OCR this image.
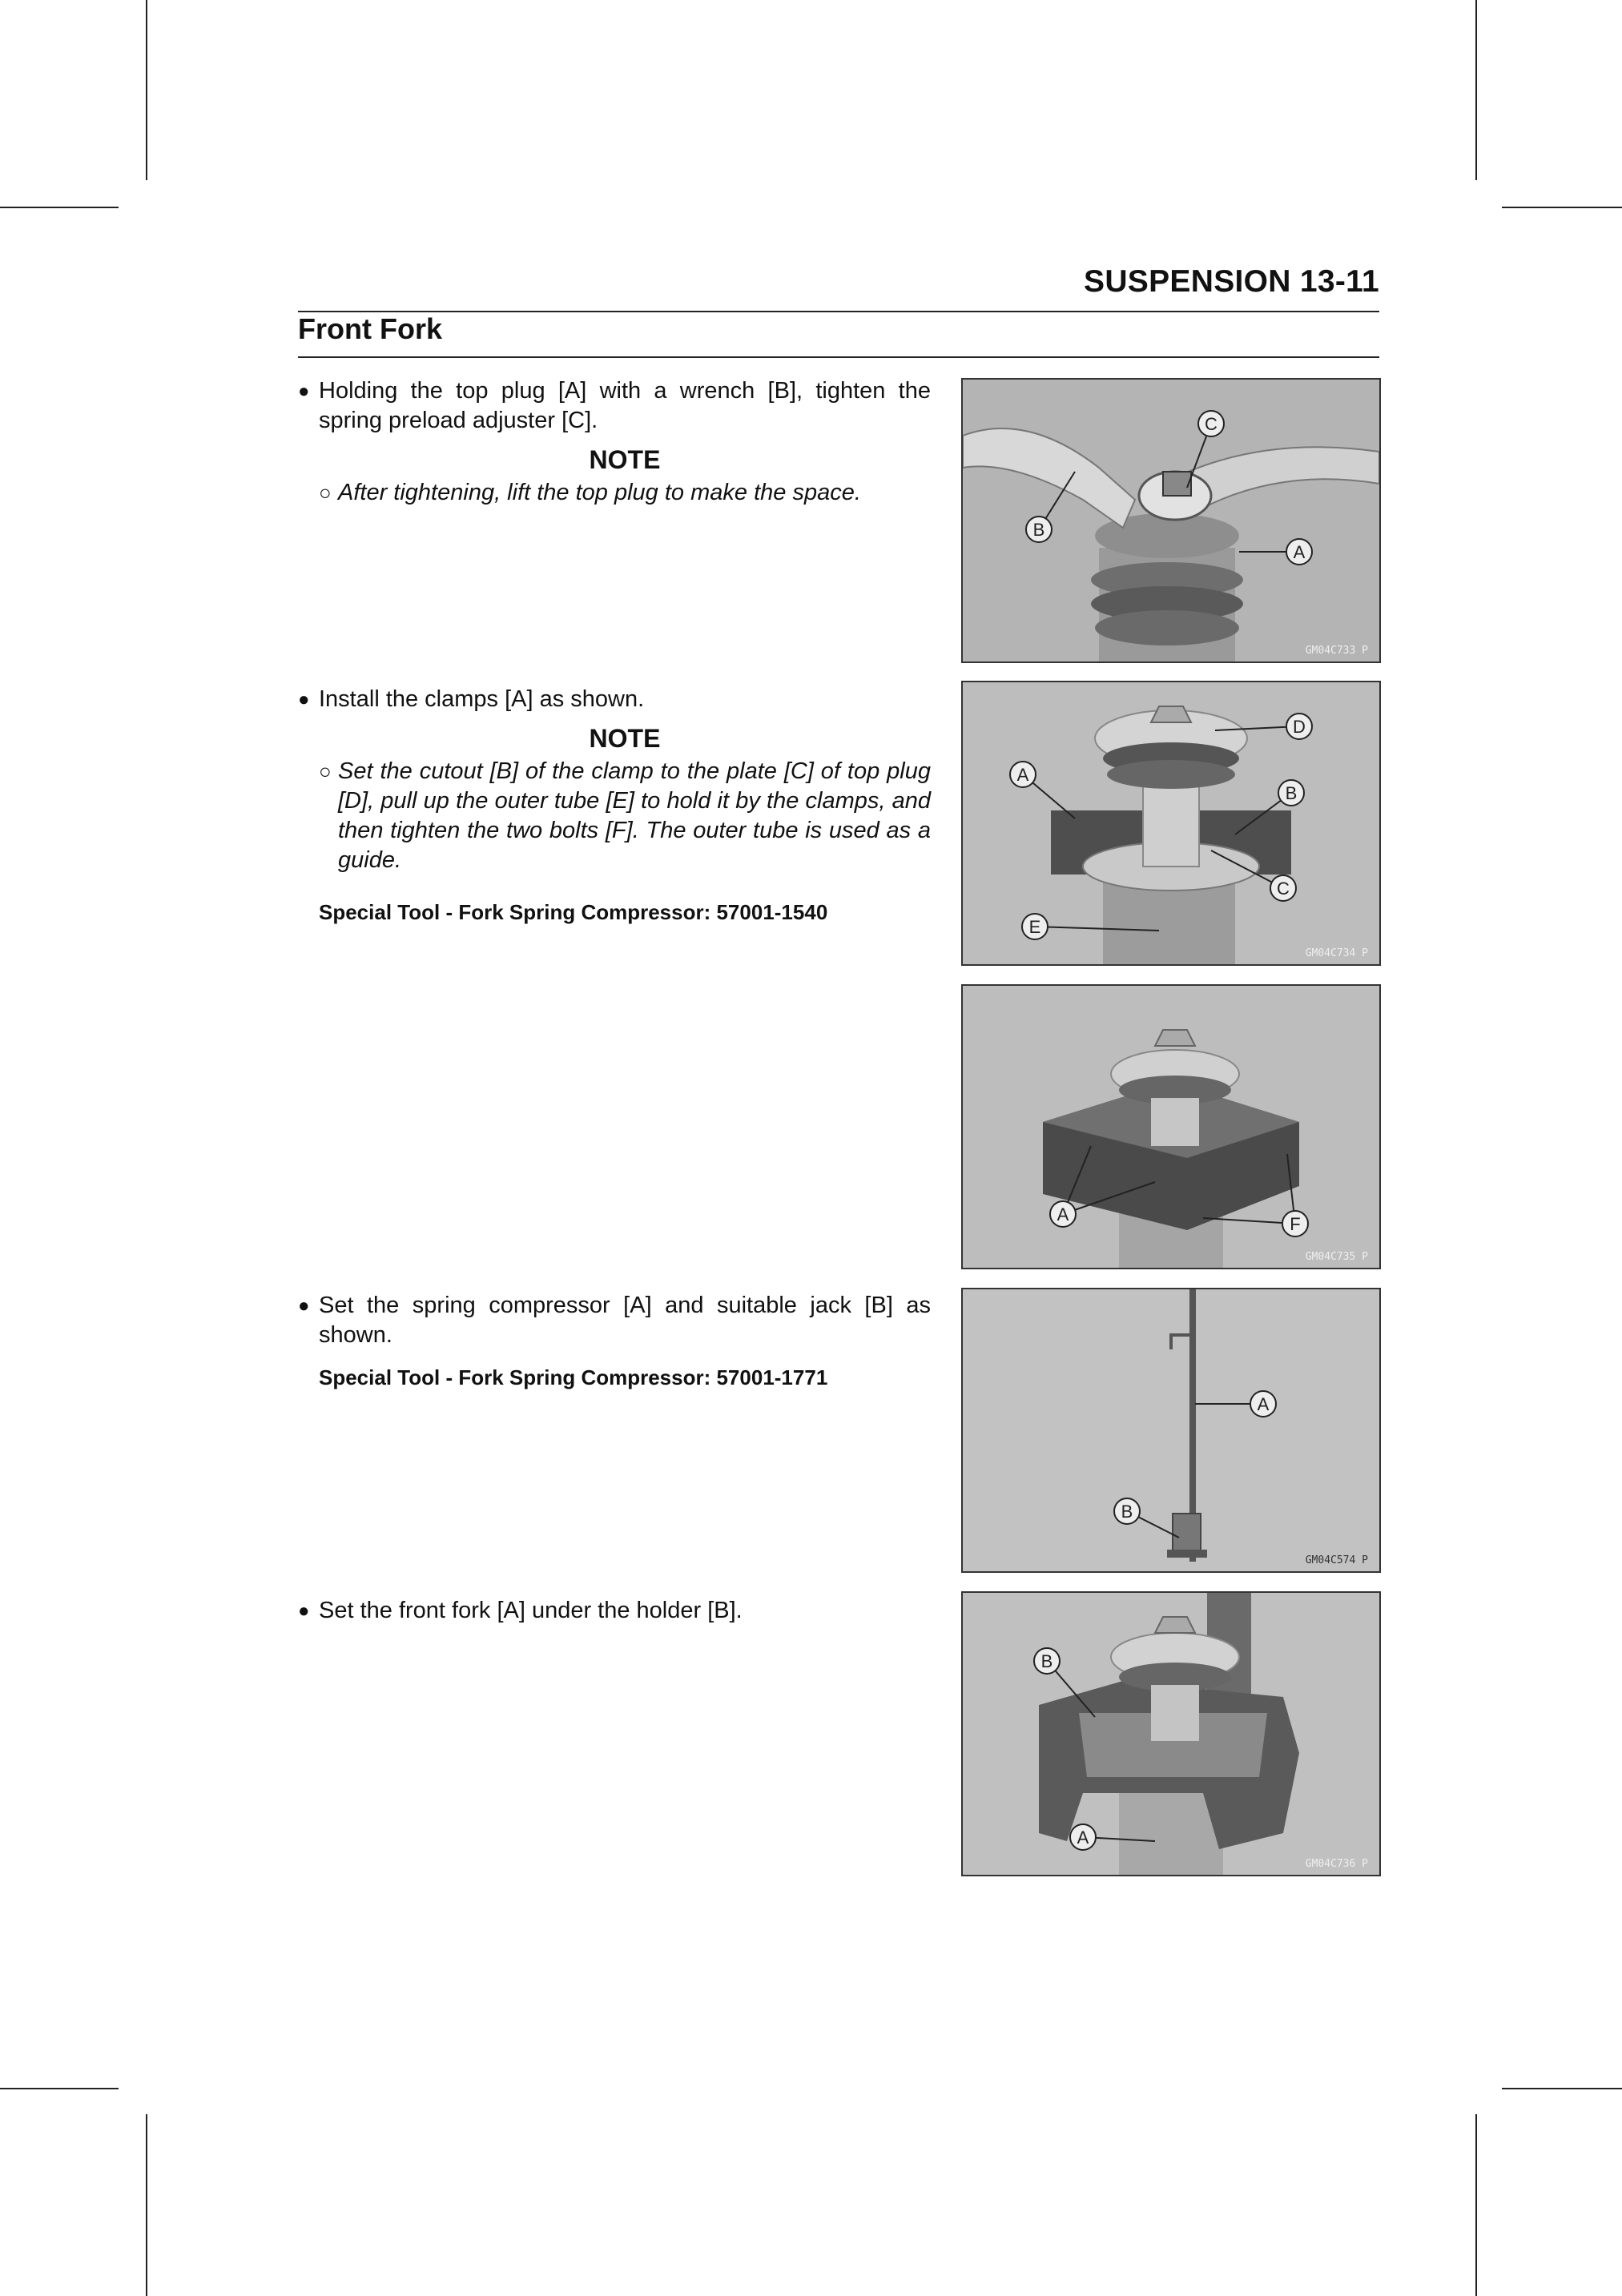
SUSPENSION 13-11
Front Fork
● Holding the top plug [A] with a wrench [B], tighten the spring preload adjuster [C].
NOTE
○ After tightening, lift the top plug to make the space.
● Install the clamps [A] as shown.
NOTE
○ Set the cutout [B] of the clamp to the plate [C] of top plug [D], pull up the outer tube [E] to hold it by the clamps, and then tighten the two bolts [F]. The outer tube is used as a guide.
Special Tool - Fork Spring Compressor: 57001-1540
● Set the spring compressor [A] and suitable jack [B] as shown.
Special Tool - Fork Spring Compressor: 57001-1771
● Set the front fork [A] under the holder [B].
C
B
A
GM04C733 P
D
A
B
C
E
GM04C734 P
A	F
GM04C735 P
A
B
GM04C574 P
B
A
GM04C736 P
